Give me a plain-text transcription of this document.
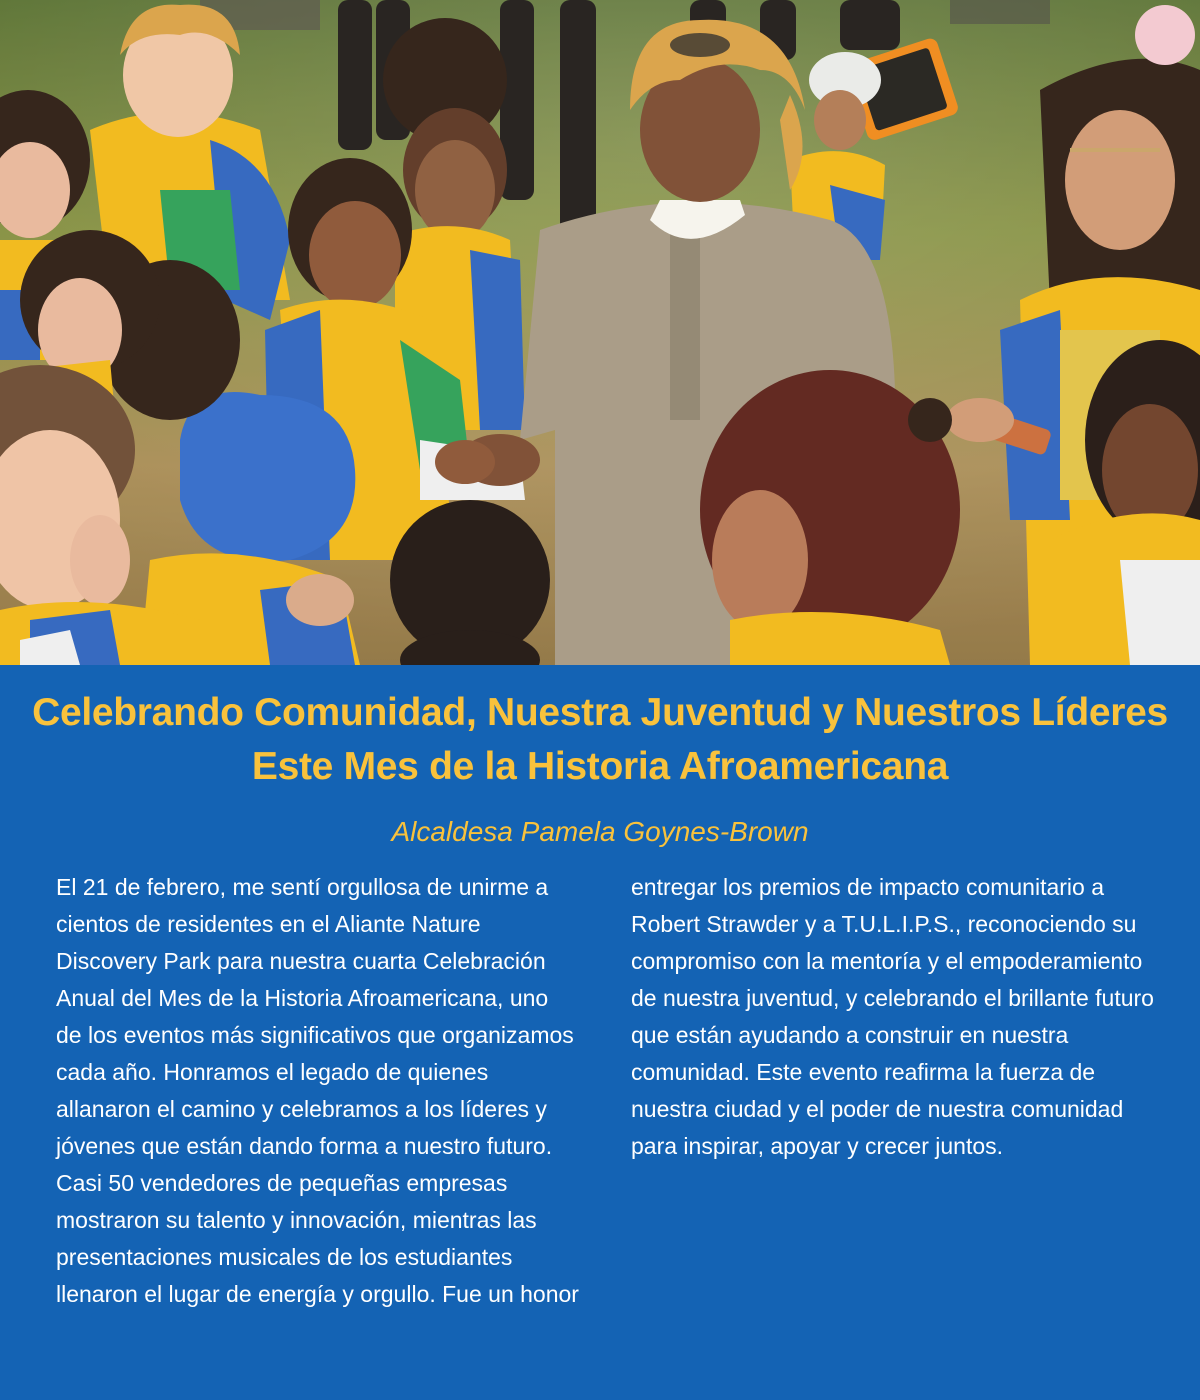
Celebrando Comunidad, Nuestra Juventud y Nuestros Líderes Este Mes de la Historia Afroamericana
Alcaldesa Pamela Goynes-Brown

El 21 de febrero, me sentí orgullosa de unirme a cientos de residentes en el Aliante Nature Discovery Park para nuestra cuarta Celebración Anual del Mes de la Historia Afroamericana, uno de los eventos más significativos que organizamos cada año. Honramos el legado de quienes allanaron el camino y celebramos a los líderes y jóvenes que están dando forma a nuestro futuro. Casi 50 vendedores de pequeñas empresas mostraron su talento y innovación, mientras las presentaciones musicales de los estudiantes llenaron el lugar de energía y orgullo. Fue un honor entregar los premios de impacto comunitario a Robert Strawder y a T.U.L.I.P.S., reconociendo su compromiso con la mentoría y el empoderamiento de nuestra juventud, y celebrando el brillante futuro que están ayudando a construir en nuestra comunidad. Este evento reafirma la fuerza de nuestra ciudad y el poder de nuestra comunidad para inspirar, apoyar y crecer juntos.
